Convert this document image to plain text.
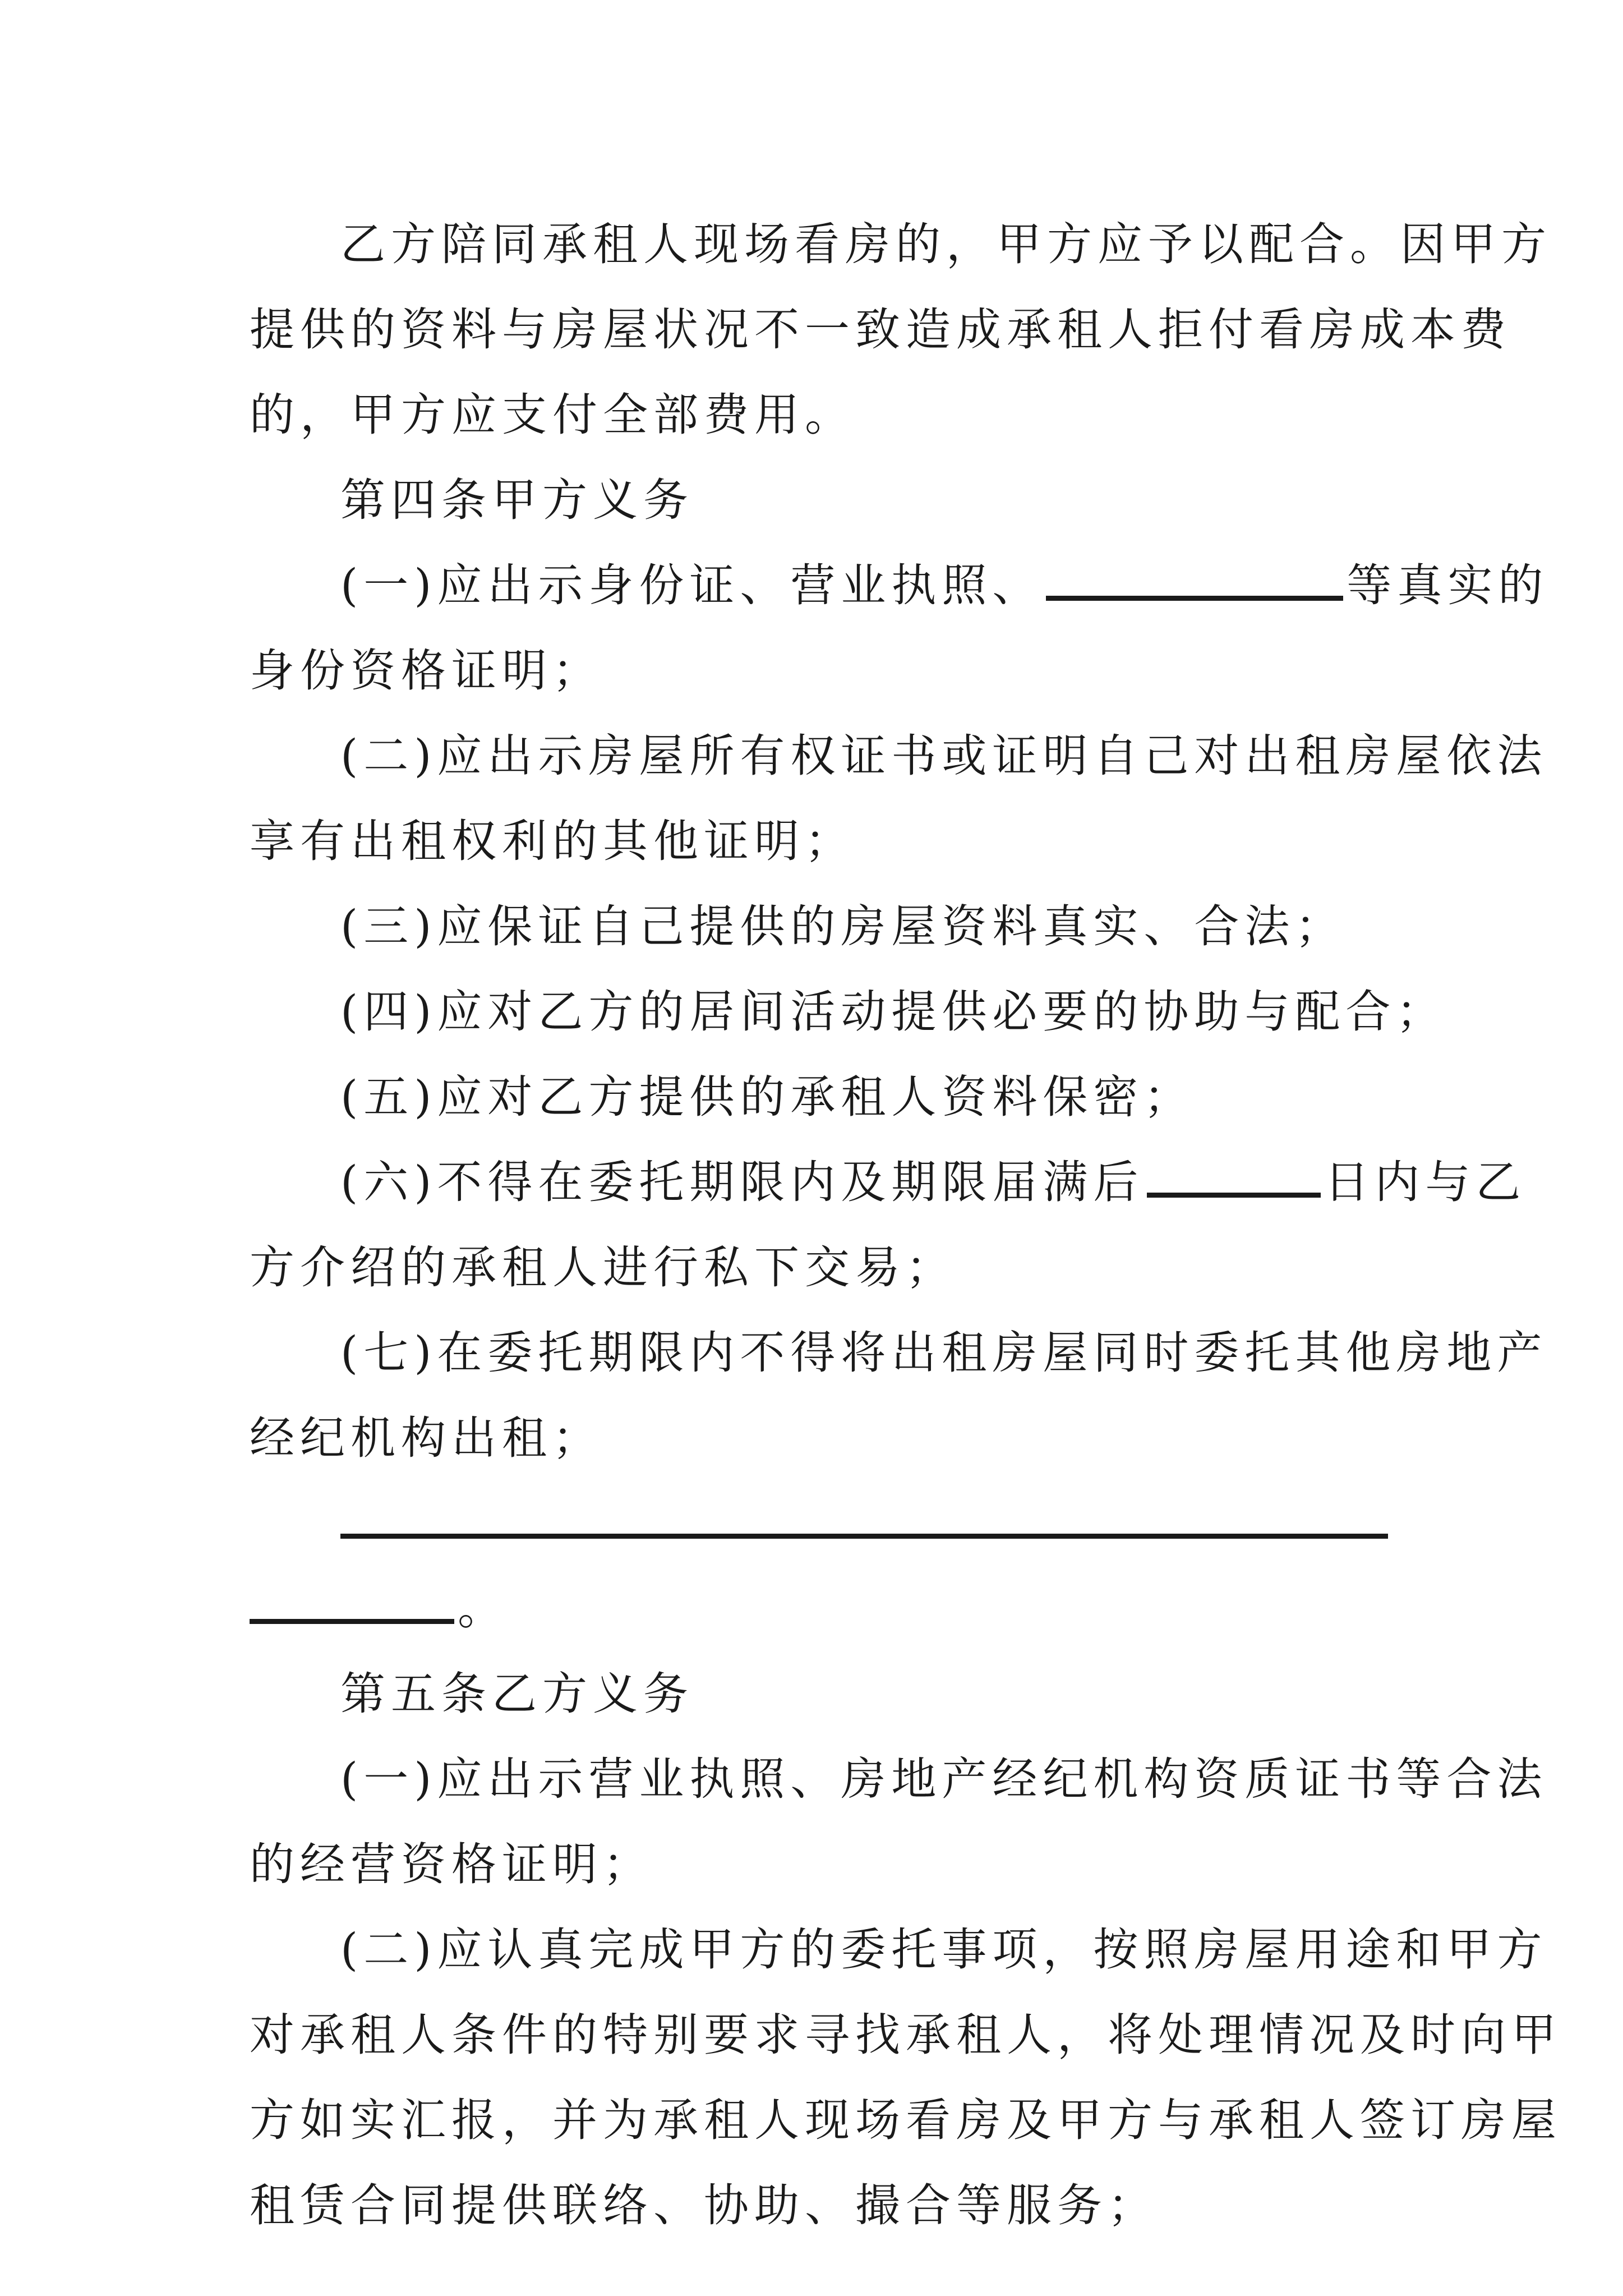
乙方陪同承租人现场看房的，甲方应予以配合。因甲方
提供的资料与房屋状况不一致造成承租人拒付看房成本费
的，甲方应支付全部费用。
第四条甲方义务
(一)应出示身份证、营业执照、	等真实的
身份资格证明；
(二)应出示房屋所有权证书或证明自己对出租房屋依法
享有出租权利的其他证明；
(三)应保证自己提供的房屋资料真实、合法；
(四)应对乙方的居间活动提供必要的协助与配合；
(五)应对乙方提供的承租人资料保密；
(六)不得在委托期限内及期限届满后	日内与乙
方介绍的承租人进行私下交易；
(七)在委托期限内不得将出租房屋同时委托其他房地产
经纪机构出租；
。
第五条乙方义务
(一)应出示营业执照、房地产经纪机构资质证书等合法
的经营资格证明；
(二)应认真完成甲方的委托事项，按照房屋用途和甲方
对承租人条件的特别要求寻找承租人，将处理情况及时向甲
方如实汇报，并为承租人现场看房及甲方与承租人签订房屋
租赁合同提供联络、协助、撮合等服务；
